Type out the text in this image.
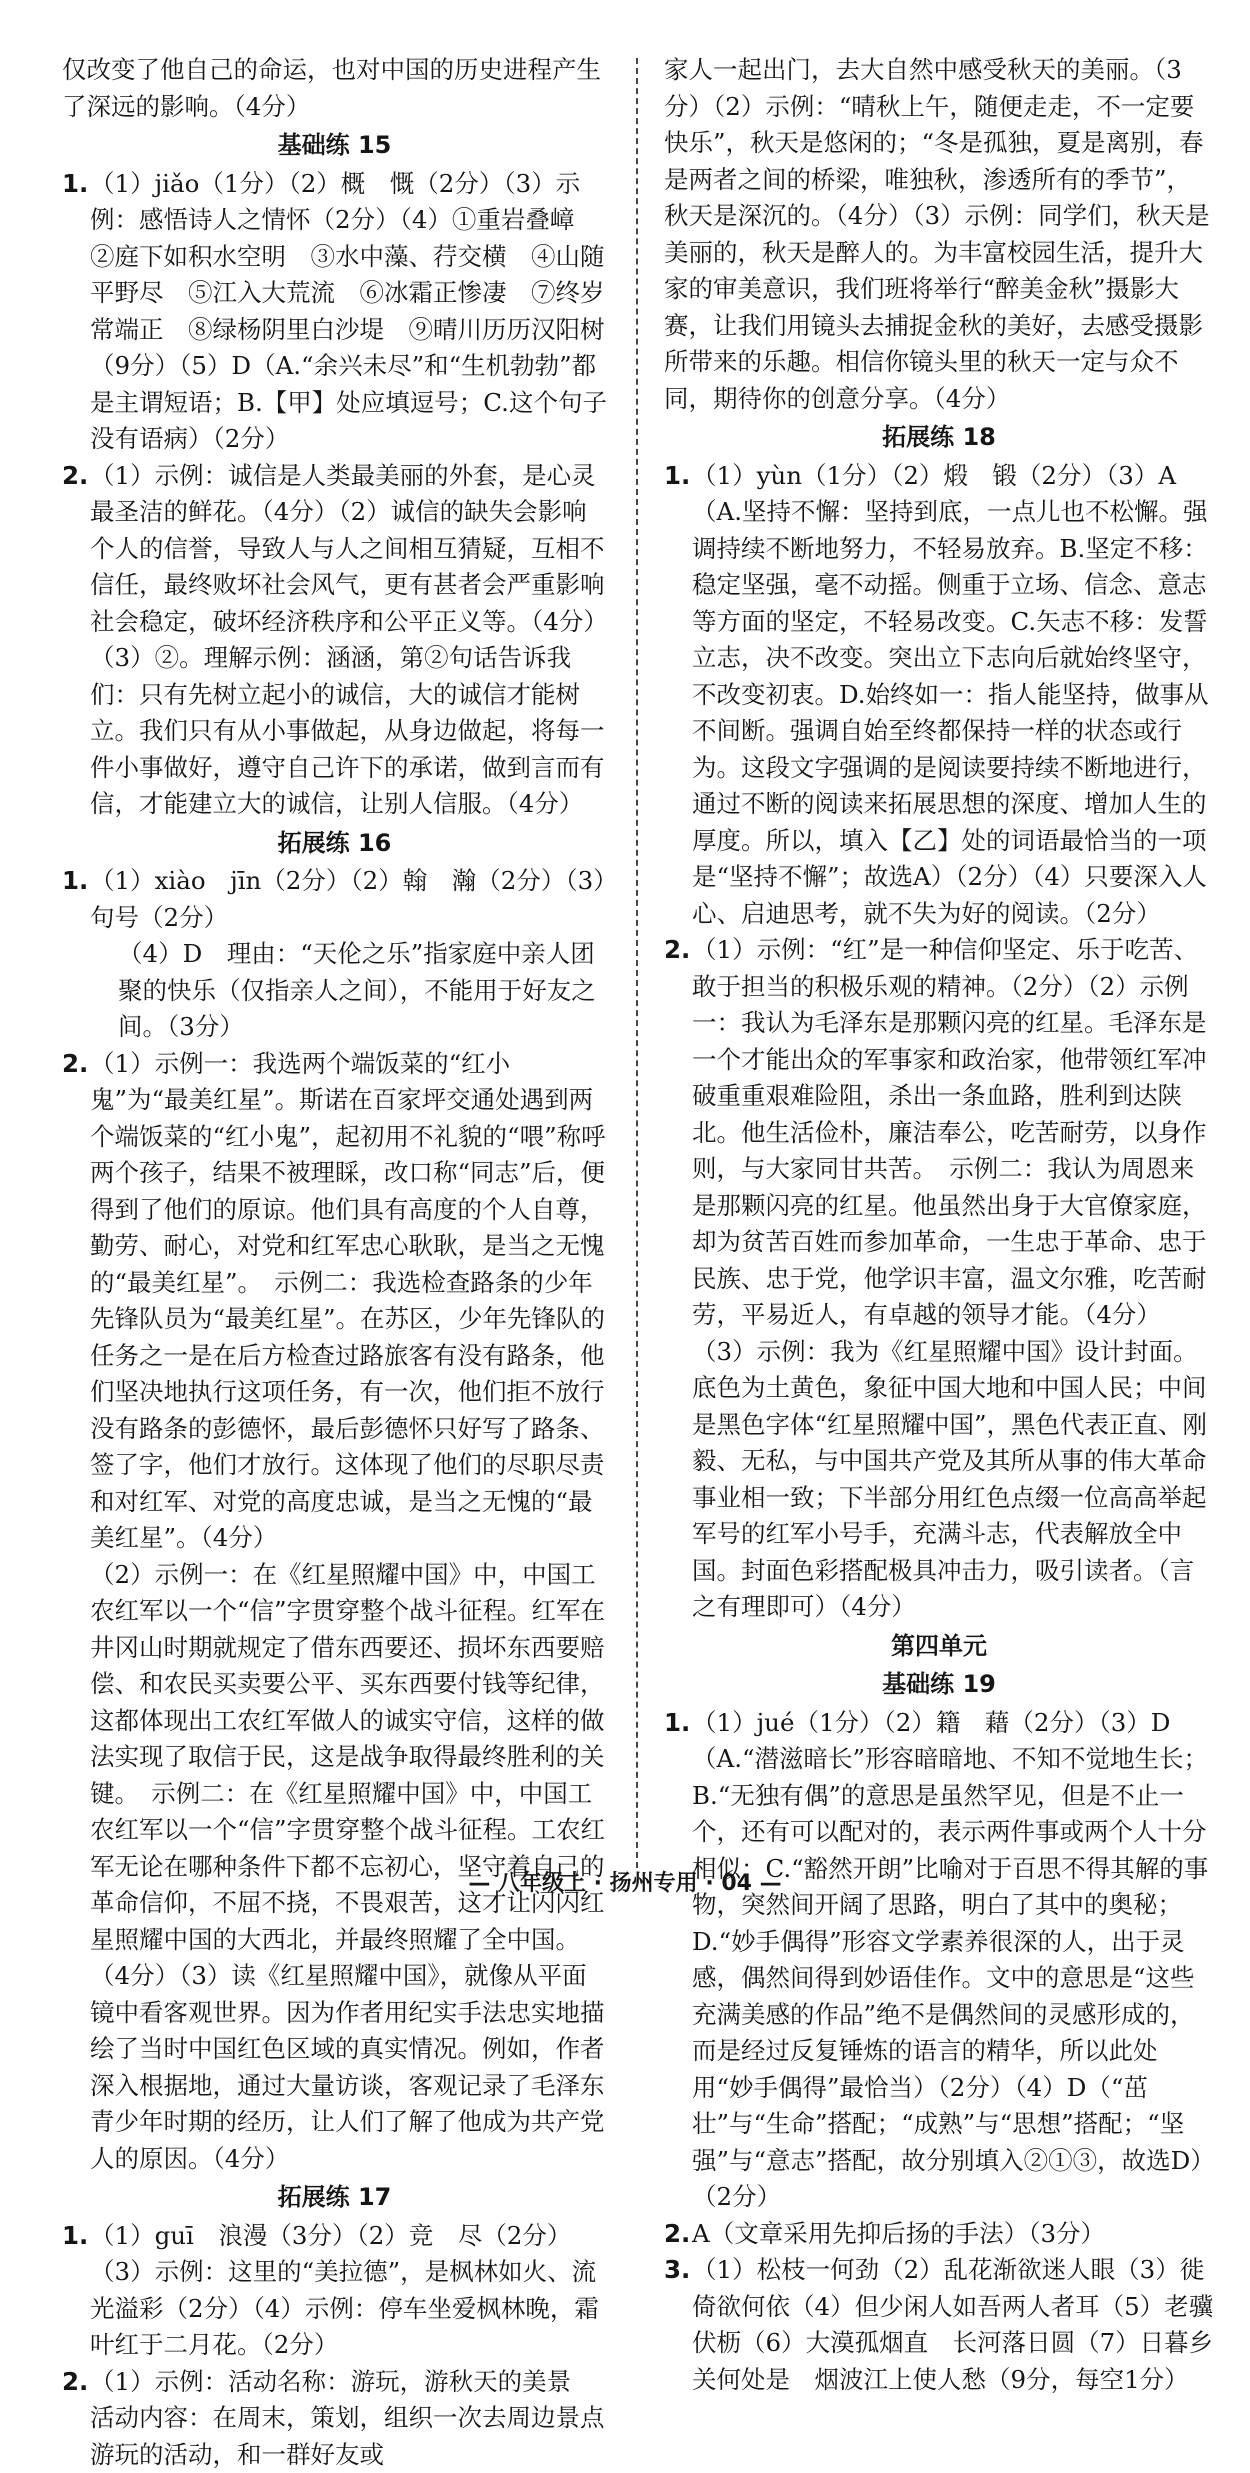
仅改变了他自己的命运，也对中国的历史进程产生了深远的影响。（4分）

基础练 15
1. （1）jiǎo（1分）（2）概　慨（2分）（3）示例：感悟诗人之情怀（2分）（4）①重岩叠嶂　②庭下如积水空明　③水中藻、荇交横　④山随平野尽　⑤江入大荒流　⑥冰霜正惨凄　⑦终岁常端正　⑧绿杨阴里白沙堤　⑨晴川历历汉阳树（9分）（5）D（A.“余兴未尽”和“生机勃勃”都是主谓短语；B.【甲】处应填逗号；C.这个句子没有语病）（2分）

2. （1）示例：诚信是人类最美丽的外套，是心灵最圣洁的鲜花。（4分）（2）诚信的缺失会影响个人的信誉，导致人与人之间相互猜疑，互相不信任，最终败坏社会风气，更有甚者会严重影响社会稳定，破坏经济秩序和公平正义等。（4分）（3）②。理解示例：涵涵，第②句话告诉我们：只有先树立起小的诚信，大的诚信才能树立。我们只有从小事做起，从身边做起，将每一件小事做好，遵守自己许下的承诺，做到言而有信，才能建立大的诚信，让别人信服。（4分）

拓展练 16
1. （1）xiào　jīn（2分）（2）翰　瀚（2分）（3）句号（2分）

（4）D　理由：“天伦之乐”指家庭中亲人团聚的快乐（仅指亲人之间），不能用于好友之间。（3分）

2. （1）示例一：我选两个端饭菜的“红小鬼”为“最美红星”。斯诺在百家坪交通处遇到两个端饭菜的“红小鬼”，起初用不礼貌的“喂”称呼两个孩子，结果不被理睬，改口称“同志”后，便得到了他们的原谅。他们具有高度的个人自尊，勤劳、耐心，对党和红军忠心耿耿，是当之无愧的“最美红星”。　示例二：我选检查路条的少年先锋队员为“最美红星”。在苏区，少年先锋队的任务之一是在后方检查过路旅客有没有路条，他们坚决地执行这项任务，有一次，他们拒不放行没有路条的彭德怀，最后彭德怀只好写了路条、签了字，他们才放行。这体现了他们的尽职尽责和对红军、对党的高度忠诚，是当之无愧的“最美红星”。（4分）

（2）示例一：在《红星照耀中国》中，中国工农红军以一个“信”字贯穿整个战斗征程。红军在井冈山时期就规定了借东西要还、损坏东西要赔偿、和农民买卖要公平、买东西要付钱等纪律，这都体现出工农红军做人的诚实守信，这样的做法实现了取信于民，这是战争取得最终胜利的关键。　示例二：在《红星照耀中国》中，中国工农红军以一个“信”字贯穿整个战斗征程。工农红军无论在哪种条件下都不忘初心，坚守着自己的革命信仰，不屈不挠，不畏艰苦，这才让闪闪红星照耀中国的大西北，并最终照耀了全中国。（4分）（3）读《红星照耀中国》，就像从平面镜中看客观世界。因为作者用纪实手法忠实地描绘了当时中国红色区域的真实情况。例如，作者深入根据地，通过大量访谈，客观记录了毛泽东青少年时期的经历，让人们了解了他成为共产党人的原因。（4分）

拓展练 17
1. （1）guī　浪漫（3分）（2）竞　尽（2分）（3）示例：这里的“美拉德”，是枫林如火、流光溢彩（2分）（4）示例：停车坐爱枫林晚，霜叶红于二月花。（2分）

2. （1）示例：活动名称：游玩，游秋天的美景　活动内容：在周末，策划，组织一次去周边景点游玩的活动，和一群好友或

家人一起出门，去大自然中感受秋天的美丽。（3分）（2）示例：“晴秋上午，随便走走，不一定要快乐”，秋天是悠闲的；“冬是孤独，夏是离别，春是两者之间的桥梁，唯独秋，渗透所有的季节”，秋天是深沉的。（4分）（3）示例：同学们，秋天是美丽的，秋天是醉人的。为丰富校园生活，提升大家的审美意识，我们班将举行“醉美金秋”摄影大赛，让我们用镜头去捕捉金秋的美好，去感受摄影所带来的乐趣。相信你镜头里的秋天一定与众不同，期待你的创意分享。（4分）

拓展练 18
1. （1）yùn（1分）（2）煅　锻（2分）（3）A（A.坚持不懈：坚持到底，一点儿也不松懈。强调持续不断地努力，不轻易放弃。B.坚定不移：稳定坚强，毫不动摇。侧重于立场、信念、意志等方面的坚定，不轻易改变。C.矢志不移：发誓立志，决不改变。突出立下志向后就始终坚守，不改变初衷。D.始终如一：指人能坚持，做事从不间断。强调自始至终都保持一样的状态或行为。这段文字强调的是阅读要持续不断地进行，通过不断的阅读来拓展思想的深度、增加人生的厚度。所以，填入【乙】处的词语最恰当的一项是“坚持不懈”；故选A）（2分）（4）只要深入人心、启迪思考，就不失为好的阅读。（2分）

2. （1）示例：“红”是一种信仰坚定、乐于吃苦、敢于担当的积极乐观的精神。（2分）（2）示例一：我认为毛泽东是那颗闪亮的红星。毛泽东是一个才能出众的军事家和政治家，他带领红军冲破重重艰难险阻，杀出一条血路，胜利到达陕北。他生活俭朴，廉洁奉公，吃苦耐劳，以身作则，与大家同甘共苦。　示例二：我认为周恩来是那颗闪亮的红星。他虽然出身于大官僚家庭，却为贫苦百姓而参加革命，一生忠于革命、忠于民族、忠于党，他学识丰富，温文尔雅，吃苦耐劳，平易近人，有卓越的领导才能。（4分）

（3）示例：我为《红星照耀中国》设计封面。底色为土黄色，象征中国大地和中国人民；中间是黑色字体“红星照耀中国”，黑色代表正直、刚毅、无私，与中国共产党及其所从事的伟大革命事业相一致；下半部分用红色点缀一位高高举起军号的红军小号手，充满斗志，代表解放全中国。封面色彩搭配极具冲击力，吸引读者。（言之有理即可）（4分）

第四单元
基础练 19
1. （1）jué（1分）（2）籍　藉（2分）（3）D（A.“潜滋暗长”形容暗暗地、不知不觉地生长；B.“无独有偶”的意思是虽然罕见，但是不止一个，还有可以配对的，表示两件事或两个人十分相似；C.“豁然开朗”比喻对于百思不得其解的事物，突然间开阔了思路，明白了其中的奥秘；D.“妙手偶得”形容文学素养很深的人，出于灵感，偶然间得到妙语佳作。文中的意思是“这些充满美感的作品”绝不是偶然间的灵感形成的，而是经过反复锤炼的语言的精华，所以此处用“妙手偶得”最恰当）（2分）（4）D（“茁壮”与“生命”搭配；“成熟”与“思想”搭配；“坚强”与“意志”搭配，故分别填入②①③，故选D）（2分）

2. A（文章采用先抑后扬的手法）（3分）

3. （1）松枝一何劲（2）乱花渐欲迷人眼（3）徙倚欲何依（4）但少闲人如吾两人者耳（5）老骥伏枥（6）大漠孤烟直　长河落日圆（7）日暮乡关何处是　烟波江上使人愁（9分，每空1分）

— 八年级上 · 扬州专用 · 04 —
